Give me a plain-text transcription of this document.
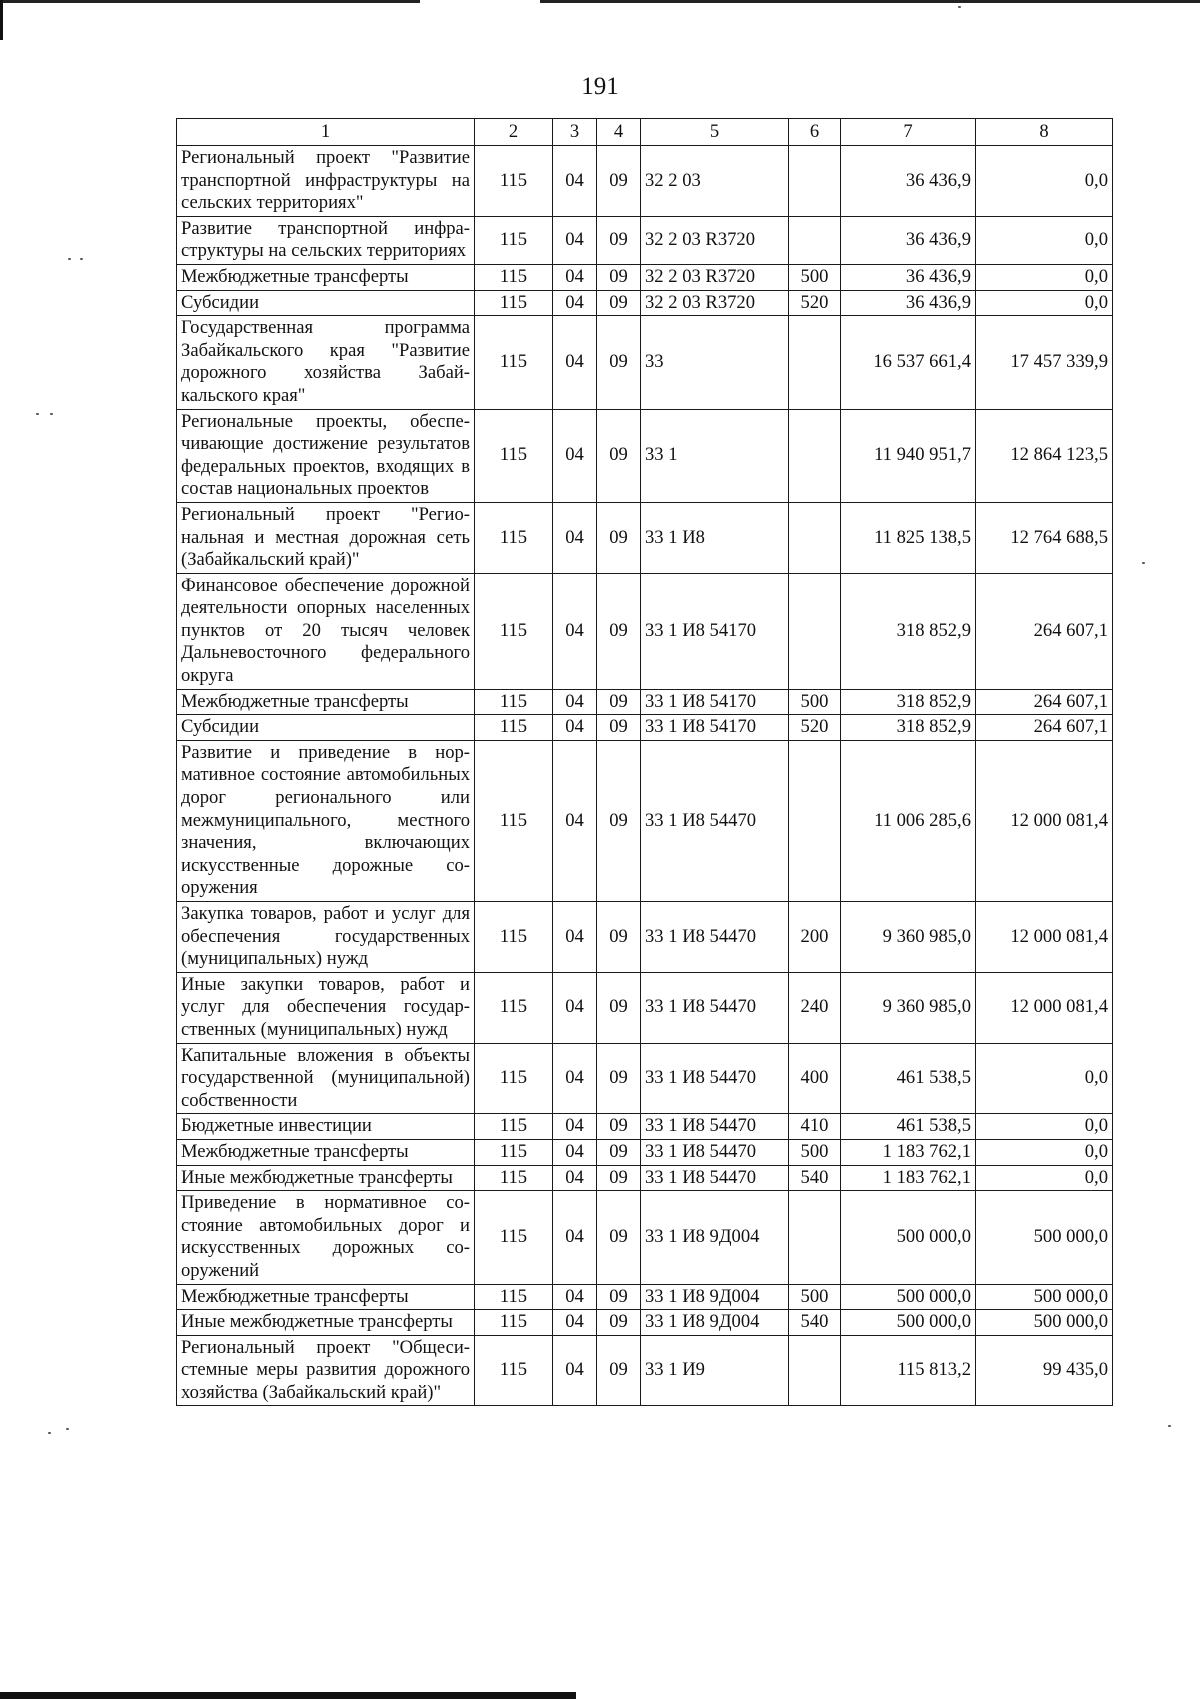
191
1	2	3	4	5	6	7	8
Региональный проект "Развитие транспортной инфраструктуры на сельских территориях"	115	04	09	32 2 03		36 436,9	0,0
Развитие транспортной инфраструктуры на сельских территориях	115	04	09	32 2 03 R3720		36 436,9	0,0
Межбюджетные трансферты	115	04	09	32 2 03 R3720	500	36 436,9	0,0
Субсидии	115	04	09	32 2 03 R3720	520	36 436,9	0,0
Государственная программа Забайкальского края "Развитие дорожного хозяйства Забайкальского края"	115	04	09	33		16 537 661,4	17 457 339,9
Региональные проекты, обеспечивающие достижение результатов федеральных проектов, входящих в состав национальных проектов	115	04	09	33 1		11 940 951,7	12 864 123,5
Региональный проект "Региональная и местная дорожная сеть (Забайкальский край)"	115	04	09	33 1 И8		11 825 138,5	12 764 688,5
Финансовое обеспечение дорожной деятельности опорных населенных пунктов от 20 тысяч человек Дальневосточного федерального округа	115	04	09	33 1 И8 54170		318 852,9	264 607,1
Межбюджетные трансферты	115	04	09	33 1 И8 54170	500	318 852,9	264 607,1
Субсидии	115	04	09	33 1 И8 54170	520	318 852,9	264 607,1
Развитие и приведение в нормативное состояние автомобильных дорог регионального или межмуниципального, местного значения, включающих искусственные дорожные сооружения	115	04	09	33 1 И8 54470		11 006 285,6	12 000 081,4
Закупка товаров, работ и услуг для обеспечения государственных (муниципальных) нужд	115	04	09	33 1 И8 54470	200	9 360 985,0	12 000 081,4
Иные закупки товаров, работ и услуг для обеспечения государственных (муниципальных) нужд	115	04	09	33 1 И8 54470	240	9 360 985,0	12 000 081,4
Капитальные вложения в объекты государственной (муниципальной) собственности	115	04	09	33 1 И8 54470	400	461 538,5	0,0
Бюджетные инвестиции	115	04	09	33 1 И8 54470	410	461 538,5	0,0
Межбюджетные трансферты	115	04	09	33 1 И8 54470	500	1 183 762,1	0,0
Иные межбюджетные трансферты	115	04	09	33 1 И8 54470	540	1 183 762,1	0,0
Приведение в нормативное состояние автомобильных дорог и искусственных дорожных сооружений	115	04	09	33 1 И8 9Д004		500 000,0	500 000,0
Межбюджетные трансферты	115	04	09	33 1 И8 9Д004	500	500 000,0	500 000,0
Иные межбюджетные трансферты	115	04	09	33 1 И8 9Д004	540	500 000,0	500 000,0
Региональный проект "Общесистемные меры развития дорожного хозяйства (Забайкальский край)"	115	04	09	33 1 И9		115 813,2	99 435,0
